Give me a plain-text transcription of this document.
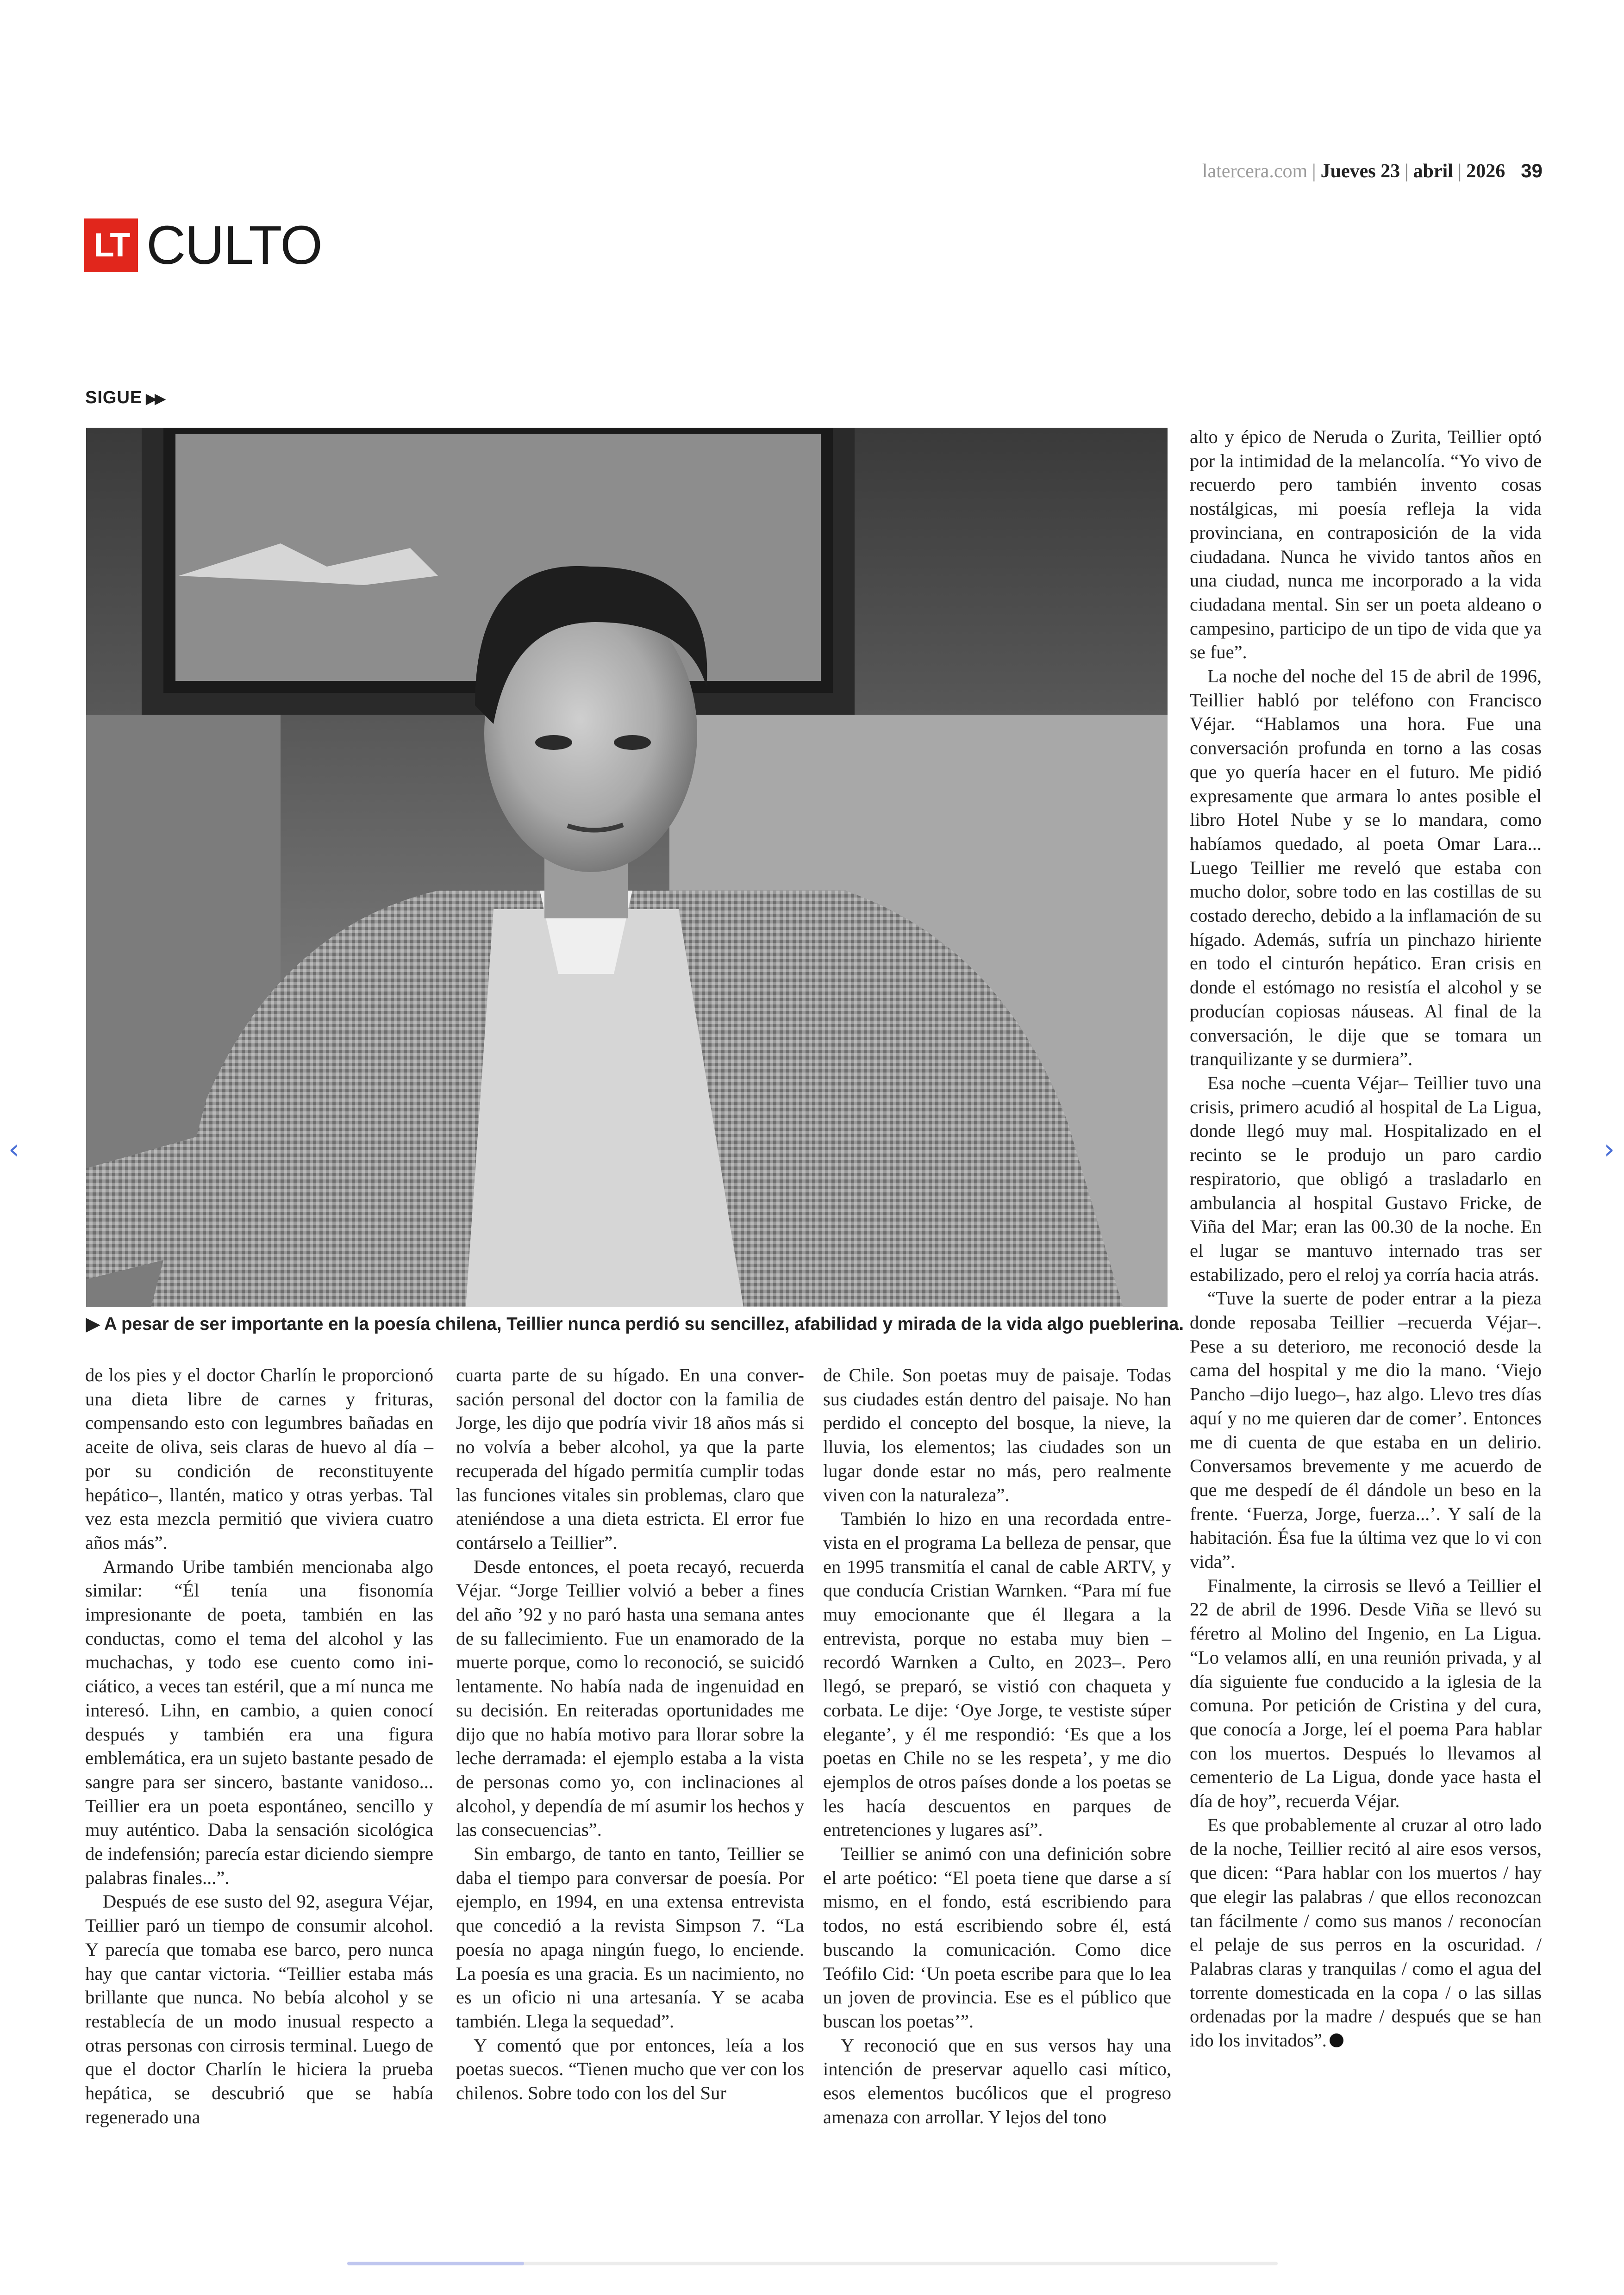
latercera.com | Jueves 23 | abril | 2026 39
LT CULTO
SIGUE ▶▶
▶ A pesar de ser importante en la poesía chilena, Teillier nunca perdió su sencillez, afabilidad y mirada de la vida algo pueblerina.

de los pies y el doctor Charlín le proporcionó una dieta libre de carnes y frituras, compensando esto con legumbres bañadas en aceite de oliva, seis claras de huevo al día –por su condición de reconstituyente hepático–, llantén, matico y otras yerbas. Tal vez esta mezcla permitió que viviera cuatro años más”.

Armando Uribe también mencionaba algo similar: “Él tenía una fisonomía impresionante de poeta, también en las conductas, como el tema del alcohol y las muchachas, y todo ese cuento como iniciático, a veces tan estéril, que a mí nunca me interesó. Lihn, en cambio, a quien conocí después y también era una figura emblemática, era un sujeto bastante pesado de sangre para ser sincero, bastante vanidoso... Teillier era un poeta espontáneo, sencillo y muy auténtico. Daba la sensación sicológica de indefensión; parecía estar diciendo siempre palabras finales...”.

Después de ese susto del 92, asegura Véjar, Teillier paró un tiempo de consumir alcohol. Y parecía que tomaba ese barco, pero nunca hay que cantar victoria. “Teillier estaba más brillante que nunca. No bebía alcohol y se restablecía de un modo inusual respecto a otras personas con cirrosis terminal. Luego de que el doctor Charlín le hiciera la prueba hepática, se descubrió que se había regenerado una

cuarta parte de su hígado. En una conversación personal del doctor con la familia de Jorge, les dijo que podría vivir 18 años más si no volvía a beber alcohol, ya que la parte recuperada del hígado permitía cumplir todas las funciones vitales sin problemas, claro que ateniéndose a una dieta estricta. El error fue contárselo a Teillier”.

Desde entonces, el poeta recayó, recuerda Véjar. “Jorge Teillier volvió a beber a fines del año ’92 y no paró hasta una semana antes de su fallecimiento. Fue un enamorado de la muerte porque, como lo reconoció, se suicidó lentamente. No había nada de ingenuidad en su decisión. En reiteradas oportunidades me dijo que no había motivo para llorar sobre la leche derramada: el ejemplo estaba a la vista de personas como yo, con inclinaciones al alcohol, y dependía de mí asumir los hechos y las consecuencias”.

Sin embargo, de tanto en tanto, Teillier se daba el tiempo para conversar de poesía. Por ejemplo, en 1994, en una extensa entrevista que concedió a la revista Simpson 7. “La poesía no apaga ningún fuego, lo enciende. La poesía es una gracia. Es un nacimiento, no es un oficio ni una artesanía. Y se acaba también. Llega la sequedad”.

Y comentó que por entonces, leía a los poetas suecos. “Tienen mucho que ver con los chilenos. Sobre todo con los del Sur

de Chile. Son poetas muy de paisaje. Todas sus ciudades están dentro del paisaje. No han perdido el concepto del bosque, la nieve, la lluvia, los elementos; las ciudades son un lugar donde estar no más, pero realmente viven con la naturaleza”.

También lo hizo en una recordada entrevista en el programa La belleza de pensar, que en 1995 transmitía el canal de cable ARTV, y que conducía Cristian Warnken. “Para mí fue muy emocionante que él llegara a la entrevista, porque no estaba muy bien –recordó Warnken a Culto, en 2023–. Pero llegó, se preparó, se vistió con chaqueta y corbata. Le dije: ‘Oye Jorge, te vestiste súper elegante’, y él me respondió: ‘Es que a los poetas en Chile no se les respeta’, y me dio ejemplos de otros países donde a los poetas se les hacía descuentos en parques de entretenciones y lugares así”.

Teillier se animó con una definición sobre el arte poético: “El poeta tiene que darse a sí mismo, en el fondo, está escribiendo para todos, no está escribiendo sobre él, está buscando la comunicación. Como dice Teófilo Cid: ‘Un poeta escribe para que lo lea un joven de provincia. Ese es el público que buscan los poetas’”.

Y reconoció que en sus versos hay una intención de preservar aquello casi mítico, esos elementos bucólicos que el progreso amenaza con arrollar. Y lejos del tono

alto y épico de Neruda o Zurita, Teillier optó por la intimidad de la melancolía. “Yo vivo de recuerdo pero también invento cosas nostálgicas, mi poesía refleja la vida provinciana, en contraposición de la vida ciudadana. Nunca he vivido tantos años en una ciudad, nunca me incorporado a la vida ciudadana mental. Sin ser un poeta aldeano o campesino, participo de un tipo de vida que ya se fue”.

La noche del noche del 15 de abril de 1996, Teillier habló por teléfono con Francisco Véjar. “Hablamos una hora. Fue una conversación profunda en torno a las cosas que yo quería hacer en el futuro. Me pidió expresamente que armara lo antes posible el libro Hotel Nube y se lo mandara, como habíamos quedado, al poeta Omar Lara... Luego Teillier me reveló que estaba con mucho dolor, sobre todo en las costillas de su costado derecho, debido a la inflamación de su hígado. Además, sufría un pinchazo hiriente en todo el cinturón hepático. Eran crisis en donde el estómago no resistía el alcohol y se producían copiosas náuseas. Al final de la conversación, le dije que se tomara un tranquilizante y se durmiera”.

Esa noche –cuenta Véjar– Teillier tuvo una crisis, primero acudió al hospital de La Ligua, donde llegó muy mal. Hospitalizado en el recinto se le produjo un paro cardio respiratorio, que obligó a trasladarlo en ambulancia al hospital Gustavo Fricke, de Viña del Mar; eran las 00.30 de la noche. En el lugar se mantuvo internado tras ser estabilizado, pero el reloj ya corría hacia atrás.

“Tuve la suerte de poder entrar a la pieza donde reposaba Teillier –recuerda Véjar–. Pese a su deterioro, me reconoció desde la cama del hospital y me dio la mano. ‘Viejo Pancho –dijo luego–, haz algo. Llevo tres días aquí y no me quieren dar de comer’. Entonces me di cuenta de que estaba en un delirio. Conversamos brevemente y me acuerdo de que me despedí de él dándole un beso en la frente. ‘Fuerza, Jorge, fuerza...’. Y salí de la habitación. Ésa fue la última vez que lo vi con vida”.

Finalmente, la cirrosis se llevó a Teillier el 22 de abril de 1996. Desde Viña se llevó su féretro al Molino del Ingenio, en La Ligua. “Lo velamos allí, en una reunión privada, y al día siguiente fue conducido a la iglesia de la comuna. Por petición de Cristina y del cura, que conocía a Jorge, leí el poema Para hablar con los muertos. Después lo llevamos al cementerio de La Ligua, donde yace hasta el día de hoy”, recuerda Véjar.

Es que probablemente al cruzar al otro lado de la noche, Teillier recitó al aire esos versos, que dicen: “Para hablar con los muertos / hay que elegir las palabras / que ellos reconozcan tan fácilmente / como sus manos / reconocían el pelaje de sus perros en la oscuridad. / Palabras claras y tranquilas / como el agua del torrente domesticada en la copa / o las sillas ordenadas por la madre / después que se han ido los invitados”.

‹	›
